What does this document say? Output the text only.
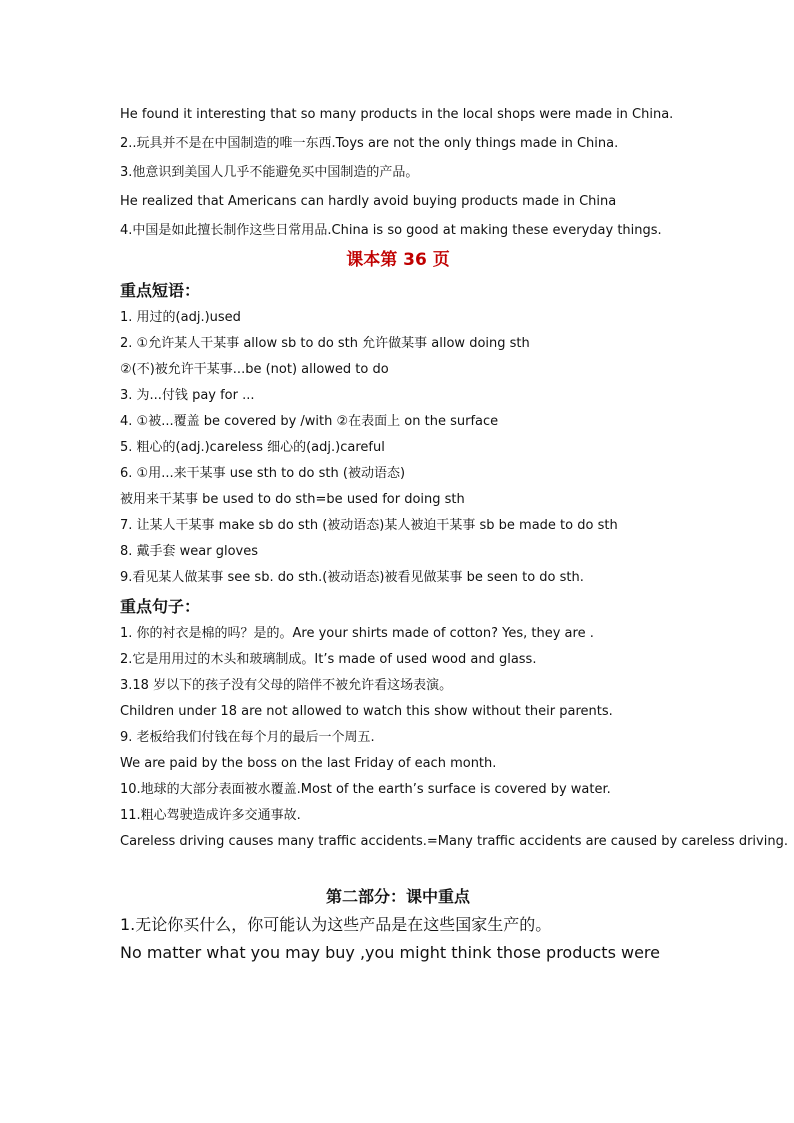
He found it interesting that so many products in the local shops were made in China.
2..玩具并不是在中国制造的唯一东西.Toys are not the only things made in China.
3.他意识到美国人几乎不能避免买中国制造的产品。
He realized that Americans can hardly avoid buying products made in China
4.中国是如此擅长制作这些日常用品.China is so good at making these everyday things.
课本第 36 页
重点短语：
1. 用过的(adj.)used
2. ①允许某人干某事 allow sb to do sth 允许做某事 allow doing sth
②(不)被允许干某事...be (not) allowed to do
3. 为...付钱 pay for ...
4. ①被...覆盖 be covered by /with ②在表面上 on the surface
5. 粗心的(adj.)careless 细心的(adj.)careful
6. ①用...来干某事 use sth to do sth (被动语态)
被用来干某事 be used to do sth=be used for doing sth
7. 让某人干某事 make sb do sth (被动语态)某人被迫干某事 sb be made to do sth
8. 戴手套 wear gloves
9.看见某人做某事 see sb. do sth.(被动语态)被看见做某事 be seen to do sth.
重点句子：
1. 你的衬衣是棉的吗？是的。Are your shirts made of cotton? Yes, they are .
2.它是用用过的木头和玻璃制成。It’s made of used wood and glass.
3.18 岁以下的孩子没有父母的陪伴不被允许看这场表演。
Children under 18 are not allowed to watch this show without their parents.
9. 老板给我们付钱在每个月的最后一个周五.
We are paid by the boss on the last Friday of each month.
10.地球的大部分表面被水覆盖.Most of the earth’s surface is covered by water.
11.粗心驾驶造成许多交通事故.
Careless driving causes many traffic accidents.=Many traffic accidents are caused by careless driving.
第二部分：课中重点
1.无论你买什么，你可能认为这些产品是在这些国家生产的。
No matter what you may buy ,you might think those products were
